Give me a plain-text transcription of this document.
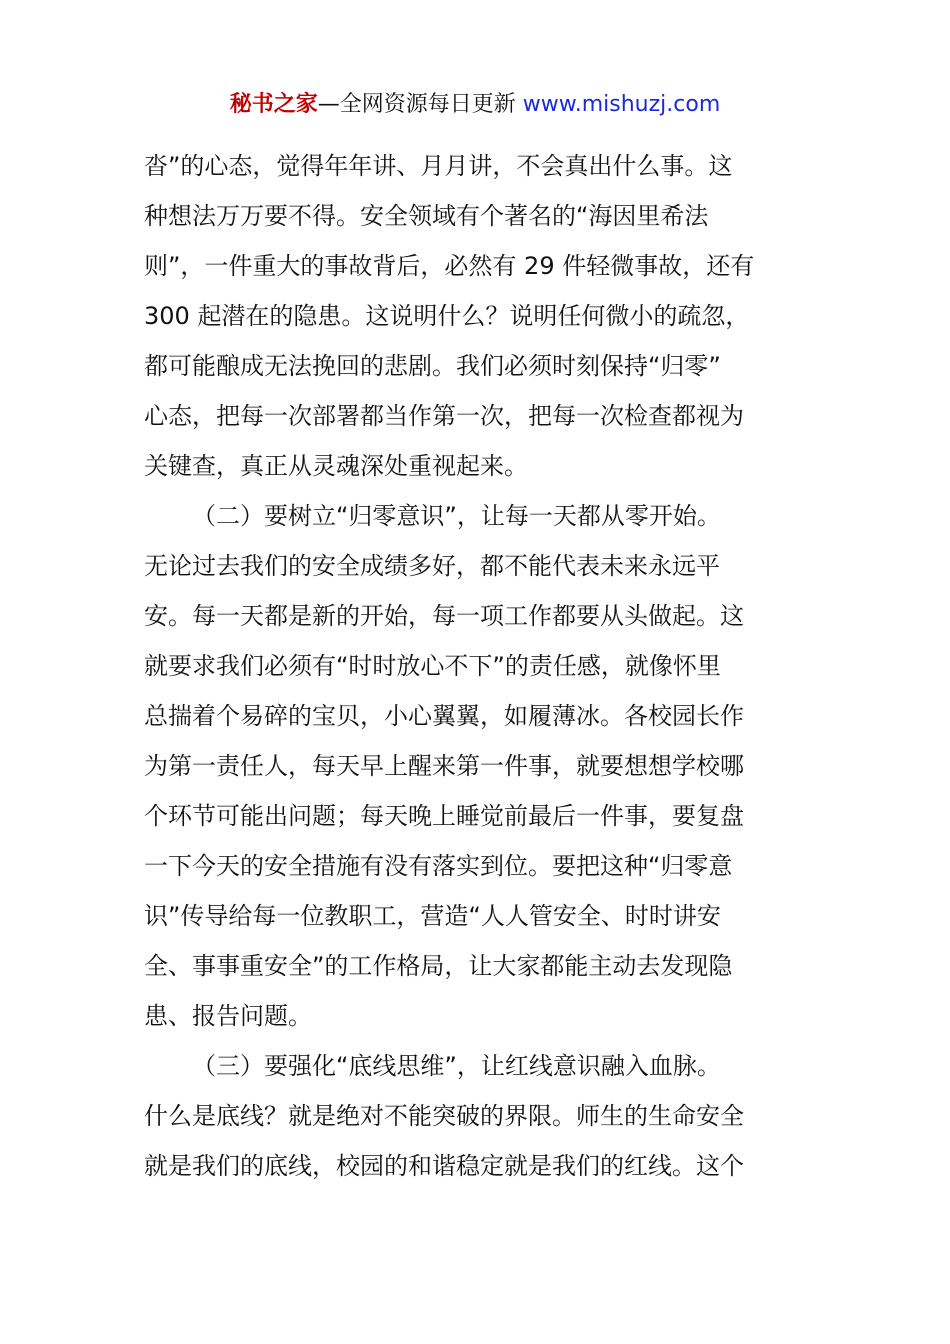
秘书之家—全网资源每日更新 www.mishuzj.com
沓”的心态，觉得年年讲、月月讲，不会真出什么事。这
种想法万万要不得。安全领域有个著名的“海因里希法
则”，一件重大的事故背后，必然有 29 件轻微事故，还有
300 起潜在的隐患。这说明什么？说明任何微小的疏忽，
都可能酿成无法挽回的悲剧。我们必须时刻保持“归零”
心态，把每一次部署都当作第一次，把每一次检查都视为
关键查，真正从灵魂深处重视起来。
（二）要树立“归零意识”，让每一天都从零开始。
无论过去我们的安全成绩多好，都不能代表未来永远平
安。每一天都是新的开始，每一项工作都要从头做起。这
就要求我们必须有“时时放心不下”的责任感，就像怀里
总揣着个易碎的宝贝，小心翼翼，如履薄冰。各校园长作
为第一责任人，每天早上醒来第一件事，就要想想学校哪
个环节可能出问题；每天晚上睡觉前最后一件事，要复盘
一下今天的安全措施有没有落实到位。要把这种“归零意
识”传导给每一位教职工，营造“人人管安全、时时讲安
全、事事重安全”的工作格局，让大家都能主动去发现隐
患、报告问题。
（三）要强化“底线思维”，让红线意识融入血脉。
什么是底线？就是绝对不能突破的界限。师生的生命安全
就是我们的底线，校园的和谐稳定就是我们的红线。这个
